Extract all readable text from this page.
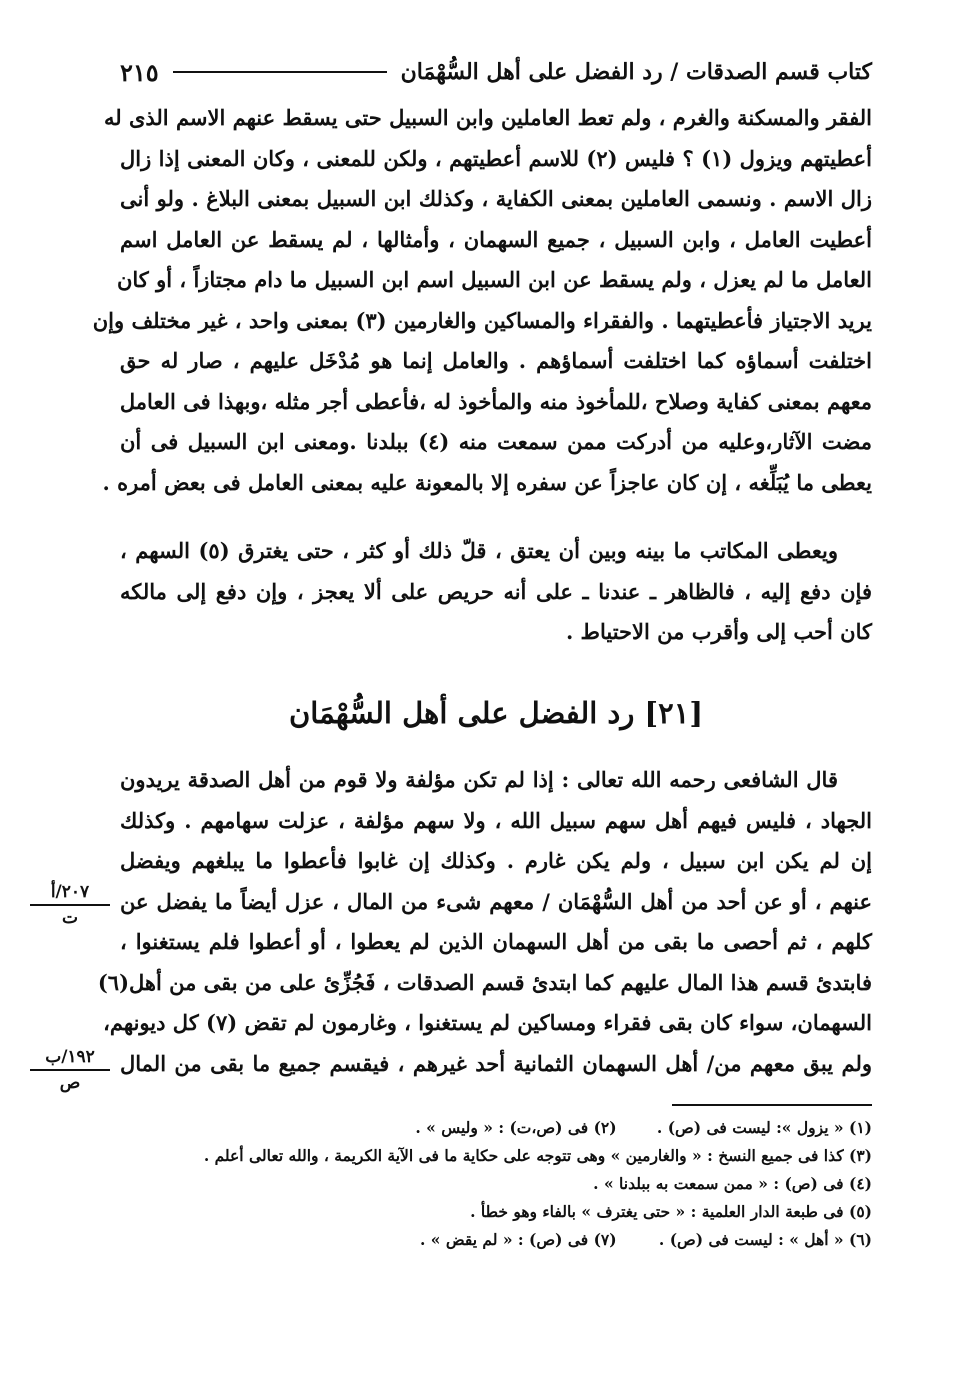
كتاب قسم الصدقات / رد الفضل على أهل السُّهْمَان
٢١٥
الفقر والمسكنة والغرم ، ولم تعط العاملين وابن السبيل حتى يسقط عنهم الاسم الذى له
أعطيتهم ويزول (١) ؟ فليس (٢) للاسم أعطيتهم ، ولكن للمعنى ، وكان المعنى إذا زال
زال الاسم . ونسمى العاملين بمعنى الكفاية ، وكذلك ابن السبيل بمعنى البلاغ . ولو أنى
أعطيت العامل ، وابن السبيل ، جميع السهمان ، وأمثالها ، لم يسقط عن العامل اسم
العامل ما لم يعزل ، ولم يسقط عن ابن السبيل اسم ابن السبيل ما دام مجتازاً ، أو كان
يريد الاجتياز فأعطيتهما . والفقراء والمساكين والغارمين (٣) بمعنى واحد ، غير مختلف وإن
اختلفت أسماؤه كما اختلفت أسماؤهم . والعامل إنما هو مُدْخَل عليهم ، صار له حق
معهم بمعنى كفاية وصلاح ،للمأخوذ منه والمأخوذ له ،فأعطى أجر مثله ،وبهذا فى العامل
مضت الآثار،وعليه من أدركت ممن سمعت منه (٤) ببلدنا .ومعنى ابن السبيل فى أن
يعطى ما يُبَلِّغه ، إن كان عاجزاً عن سفره إلا بالمعونة عليه بمعنى العامل فى بعض أمره .
ويعطى المكاتب ما بينه وبين أن يعتق ، قلّ ذلك أو كثر ، حتى يغترق (٥) السهم ،
فإن دفع إليه ، فالظاهر ـ عندنا ـ على أنه حريص على ألا يعجز ، وإن دفع إلى مالكه
كان أحب إلى وأقرب من الاحتياط .
[٢١] رد الفضل على أهل السُّهْمَان
قال الشافعى رحمه الله تعالى : إذا لم تكن مؤلفة ولا قوم من أهل الصدقة يريدون
الجهاد ، فليس فيهم أهل سهم سبيل الله ، ولا سهم مؤلفة ، عزلت سهامهم . وكذلك
إن لم يكن ابن سبيل ، ولم يكن غارم . وكذلك إن غابوا فأعطوا ما يبلغهم ويفضل
عنهم ، أو عن أحد من أهل السُّهْمَان / معهم شىء من المال ، عزل أيضاً ما يفضل عن
كلهم ، ثم أحصى ما بقى من أهل السهمان الذين لم يعطوا ، أو أعطوا فلم يستغنوا ،
فابتدئ قسم هذا المال عليهم كما ابتدئ قسم الصدقات ، فَجُزِّئ على من بقى من أهل(٦)
السهمان، سواء كان بقى فقراء ومساكين لم يستغنوا ، وغارمون لم تقض (٧) كل ديونهم،
ولم يبق معهم من/ أهل السهمان الثمانية أحد غيرهم ، فيقسم جميع ما بقى من المال
٢٠٧/أ
ت
١٩٢/ب
ص
(١) « يزول »: ليست فى (ص) . (٢) فى (ص،ت) : « وليس » .
(٣) كذا فى جميع النسخ : « والغارمين » وهى تتوجه على حكاية ما فى الآية الكريمة ، والله تعالى أعلم .
(٤) فى (ص) : « ممن سمعت به ببلدنا » .
(٥) فى طبعة الدار العلمية : « حتى يغترف » بالفاء وهو خطأ .
(٦) « أهل » : ليست فى (ص) . (٧) فى (ص) : « لم يقض » .
